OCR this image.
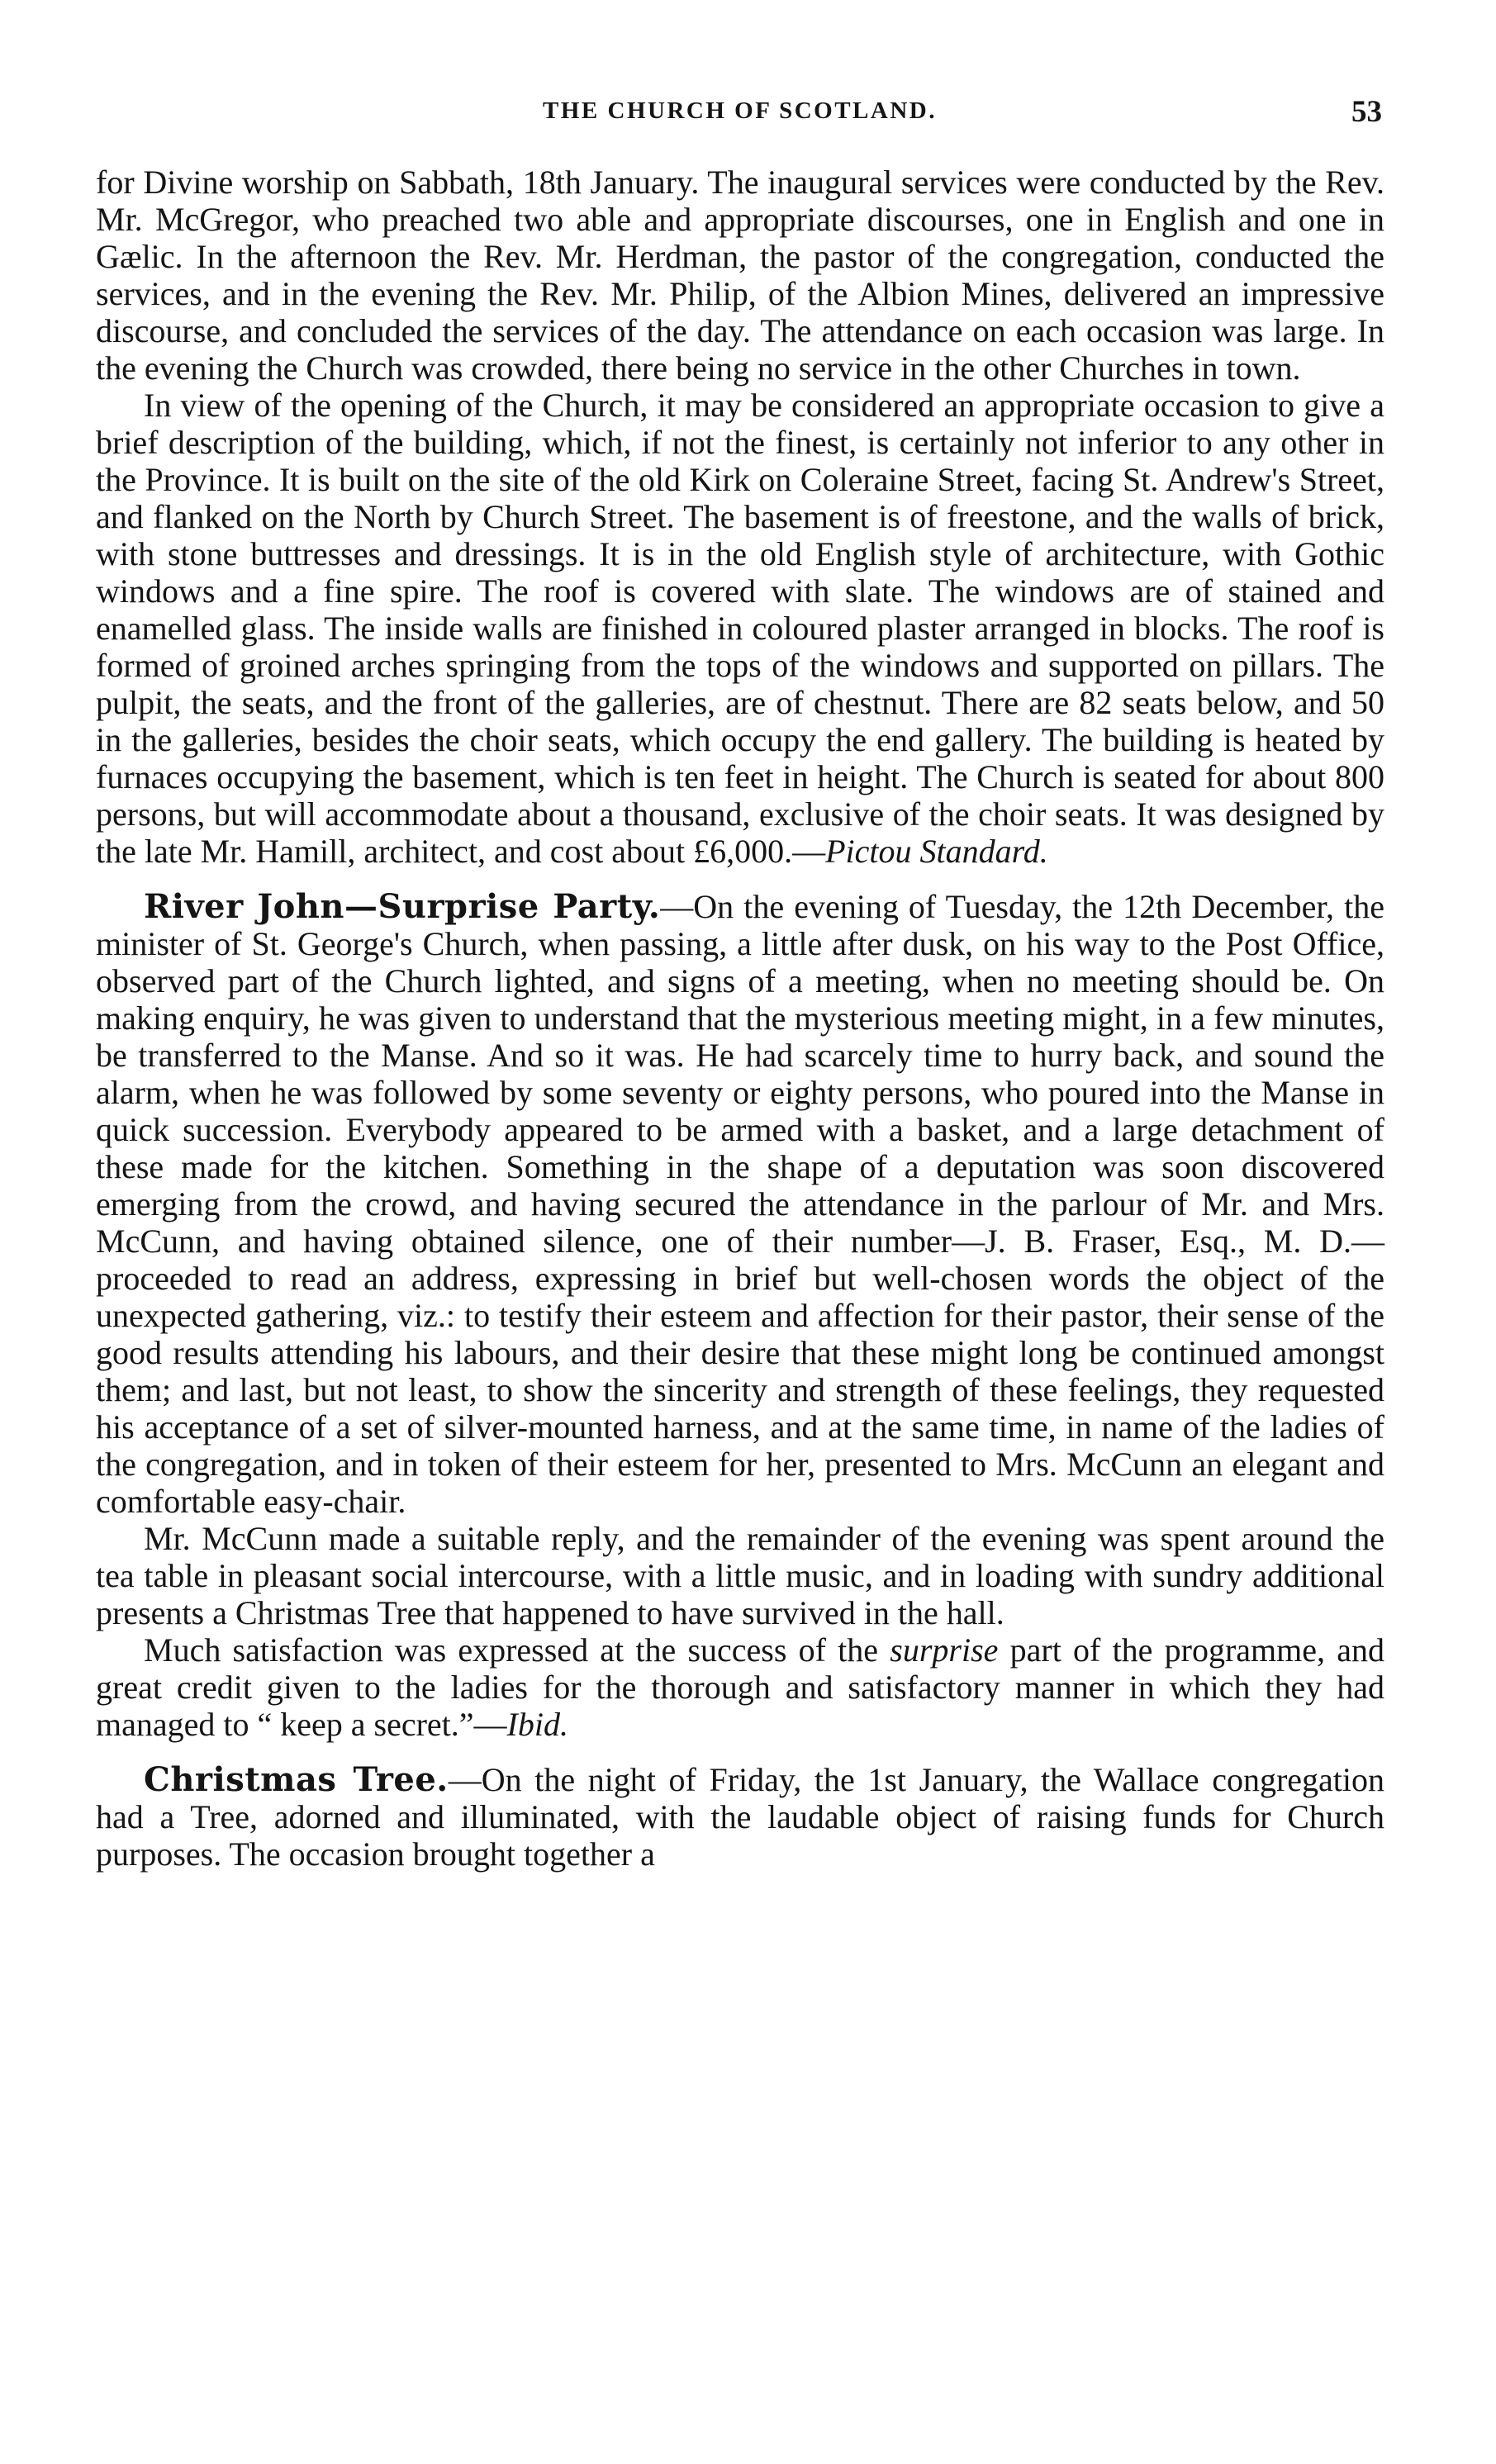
THE CHURCH OF SCOTLAND.	53

for Divine worship on Sabbath, 18th January. The inaugural services were conducted by the Rev. Mr. McGregor, who preached two able and appropriate discourses, one in English and one in Gælic. In the afternoon the Rev. Mr. Herdman, the pastor of the congregation, conducted the services, and in the evening the Rev. Mr. Philip, of the Albion Mines, delivered an impressive discourse, and concluded the services of the day. The attendance on each occasion was large. In the evening the Church was crowded, there being no service in the other Churches in town.

In view of the opening of the Church, it may be considered an appropriate occasion to give a brief description of the building, which, if not the finest, is certainly not inferior to any other in the Province. It is built on the site of the old Kirk on Coleraine Street, facing St. Andrew's Street, and flanked on the North by Church Street. The basement is of freestone, and the walls of brick, with stone buttresses and dressings. It is in the old English style of architecture, with Gothic windows and a fine spire. The roof is covered with slate. The windows are of stained and enamelled glass. The inside walls are finished in coloured plaster arranged in blocks. The roof is formed of groined arches springing from the tops of the windows and supported on pillars. The pulpit, the seats, and the front of the galleries, are of chestnut. There are 82 seats below, and 50 in the galleries, besides the choir seats, which occupy the end gallery. The building is heated by furnaces occupying the basement, which is ten feet in height. The Church is seated for about 800 persons, but will accommodate about a thousand, exclusive of the choir seats. It was designed by the late Mr. Hamill, architect, and cost about £6,000.—Pictou Standard.

River John—Surprise Party.—On the evening of Tuesday, the 12th December, the minister of St. George's Church, when passing, a little after dusk, on his way to the Post Office, observed part of the Church lighted, and signs of a meeting, when no meeting should be. On making enquiry, he was given to understand that the mysterious meeting might, in a few minutes, be transferred to the Manse. And so it was. He had scarcely time to hurry back, and sound the alarm, when he was followed by some seventy or eighty persons, who poured into the Manse in quick succession. Everybody appeared to be armed with a basket, and a large detachment of these made for the kitchen. Something in the shape of a deputation was soon discovered emerging from the crowd, and having secured the attendance in the parlour of Mr. and Mrs. McCunn, and having obtained silence, one of their number—J. B. Fraser, Esq., M. D.—proceeded to read an address, expressing in brief but well-chosen words the object of the unexpected gathering, viz.: to testify their esteem and affection for their pastor, their sense of the good results attending his labours, and their desire that these might long be continued amongst them; and last, but not least, to show the sincerity and strength of these feelings, they requested his acceptance of a set of silver-mounted harness, and at the same time, in name of the ladies of the congregation, and in token of their esteem for her, presented to Mrs. McCunn an elegant and comfortable easy-chair.

Mr. McCunn made a suitable reply, and the remainder of the evening was spent around the tea table in pleasant social intercourse, with a little music, and in loading with sundry additional presents a Christmas Tree that happened to have survived in the hall.

Much satisfaction was expressed at the success of the surprise part of the programme, and great credit given to the ladies for the thorough and satisfactory manner in which they had managed to “ keep a secret.”—Ibid.

Christmas Tree.—On the night of Friday, the 1st January, the Wallace congregation had a Tree, adorned and illuminated, with the laudable object of raising funds for Church purposes. The occasion brought together a
